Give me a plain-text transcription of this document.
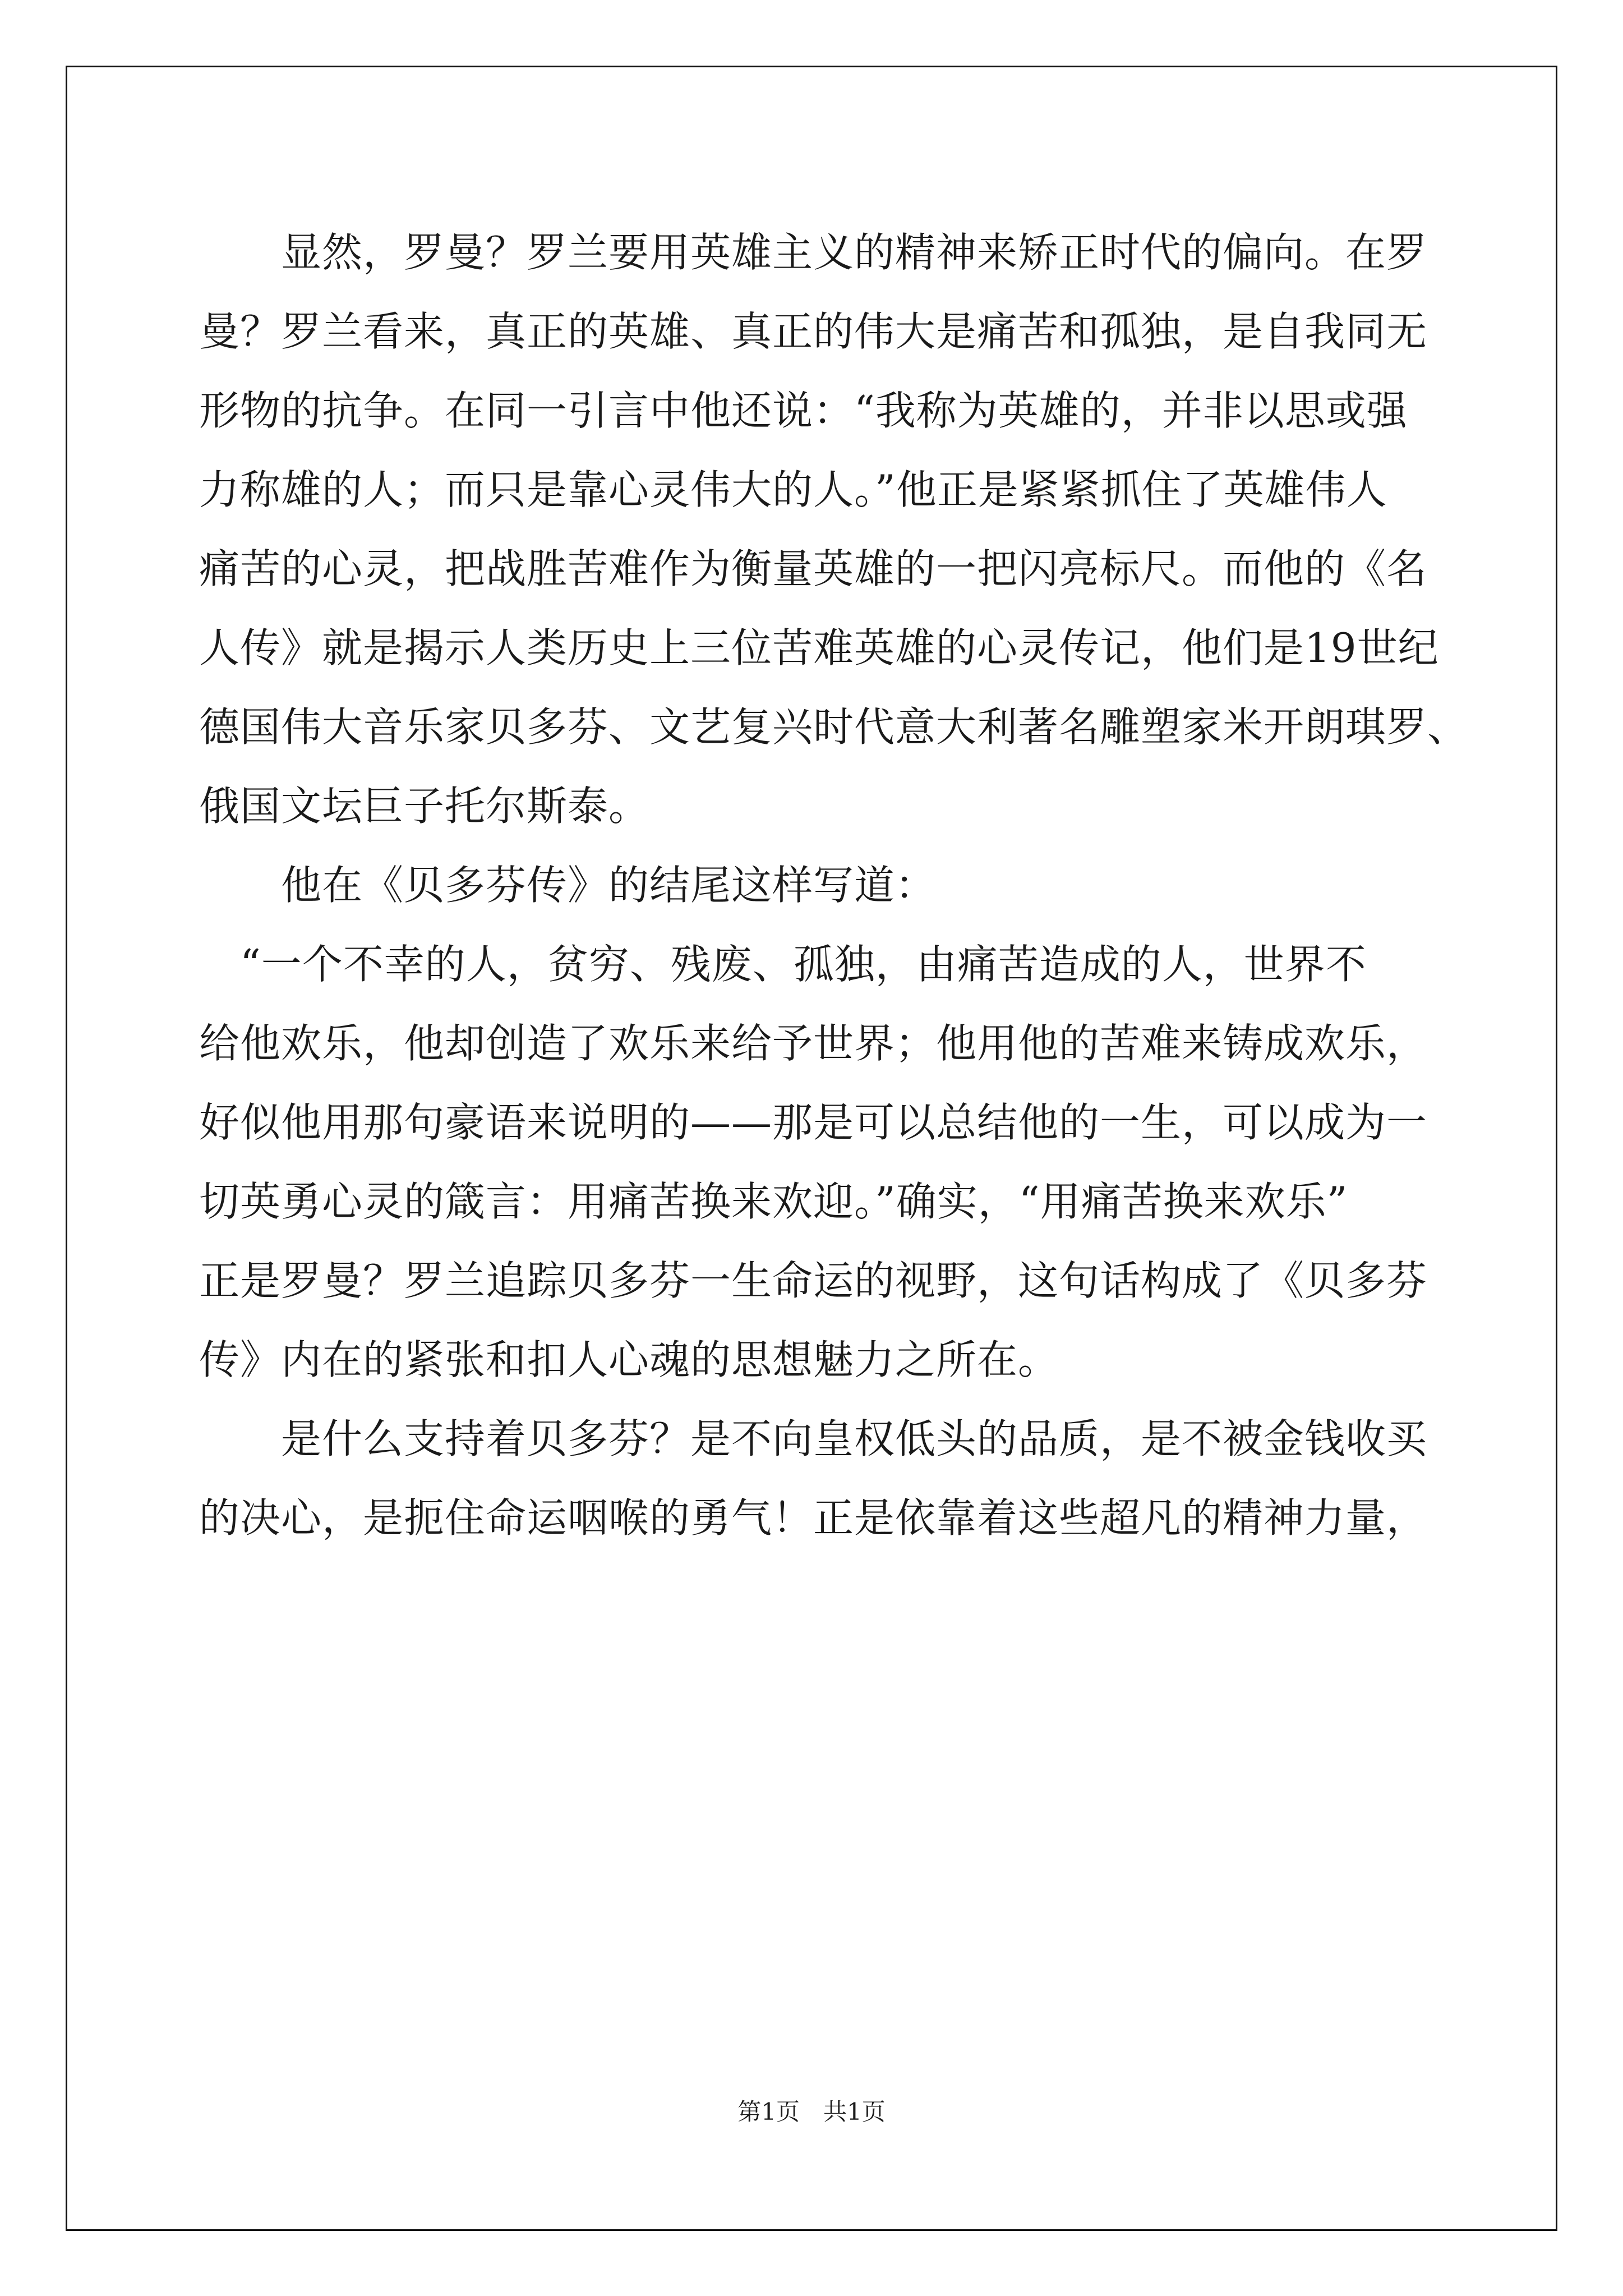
　　显然，罗曼？罗兰要用英雄主义的精神来矫正时代的偏向。在罗
曼？罗兰看来，真正的英雄、真正的伟大是痛苦和孤独，是自我同无
形物的抗争。在同一引言中他还说：“我称为英雄的，并非以思或强
力称雄的人；而只是靠心灵伟大的人。”他正是紧紧抓住了英雄伟人
痛苦的心灵，把战胜苦难作为衡量英雄的一把闪亮标尺。而他的《名
人传》就是揭示人类历史上三位苦难英雄的心灵传记，他们是19世纪
德国伟大音乐家贝多芬、文艺复兴时代意大利著名雕塑家米开朗琪罗、
俄国文坛巨子托尔斯泰。
　　他在《贝多芬传》的结尾这样写道：
　“一个不幸的人，贫穷、残废、孤独，由痛苦造成的人，世界不
给他欢乐，他却创造了欢乐来给予世界；他用他的苦难来铸成欢乐，
好似他用那句豪语来说明的——那是可以总结他的一生，可以成为一
切英勇心灵的箴言：用痛苦换来欢迎。”确实，“用痛苦换来欢乐”
正是罗曼？罗兰追踪贝多芬一生命运的视野，这句话构成了《贝多芬
传》内在的紧张和扣人心魂的思想魅力之所在。
　　是什么支持着贝多芬？是不向皇权低头的品质，是不被金钱收买
的决心，是扼住命运咽喉的勇气！正是依靠着这些超凡的精神力量，
第1页　共1页
